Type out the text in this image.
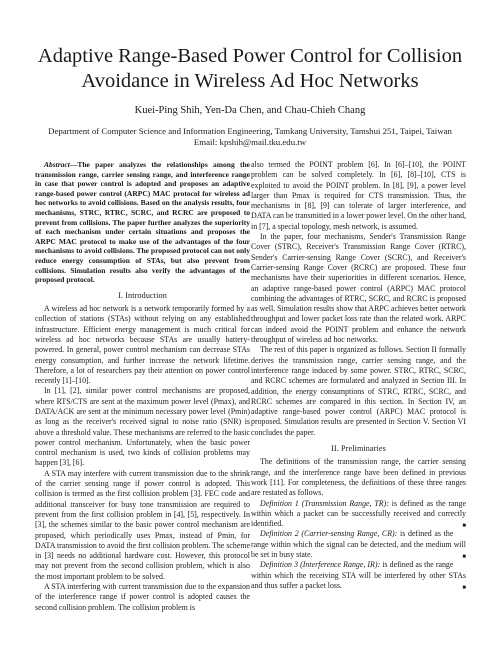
Adaptive Range-Based Power Control for Collision Avoidance in Wireless Ad Hoc Networks

Kuei-Ping Shih, Yen-Da Chen, and Chau-Chieh Chang

Department of Computer Science and Information Engineering, Tamkang University, Tamshui 251, Taipei, Taiwan
Email: kpshih@mail.tku.edu.tw

Abstract—The paper analyzes the relationships among the transmission range, carrier sensing range, and interference range in case that power control is adopted and proposes an adaptive range-based power control (ARPC) MAC protocol for wireless ad hoc networks to avoid collisions. Based on the analysis results, four mechanisms, STRC, RTRC, SCRC, and RCRC are proposed to prevent from collisions. The paper further analyzes the superiority of each mechanism under certain situations and proposes the ARPC MAC protocol to make use of the advantages of the four mechanisms to avoid collisions. The proposed protocol can not only reduce energy consumption of STAs, but also prevent from collisions. Simulation results also verify the advantages of the proposed protocol.

I. Introduction

A wireless ad hoc network is a network temporarily formed by a collection of stations (STAs) without relying on any established infrastructure. Efficient energy management is much critical for wireless ad hoc networks because STAs are usually battery-powered. In general, power control mechanism can decrease STAs energy consumption, and further increase the network lifetime. Therefore, a lot of researchers pay their attention on power control recently [1]–[10].

In [1], [2], similar power control mechanisms are proposed, where RTS/CTS are sent at the maximum power level (Pmax), and DATA/ACK are sent at the minimum necessary power level (Pmin) as long as the receiver's received signal to noise ratio (SNR) is above a threshold value. These mechanisms are referred to the basic power control mechanism. Unfortunately, when the basic power control mechanism is used, two kinds of collision problems may happen [3], [6].

A STA may interfere with current transmission due to the shrink of the carrier sensing range if power control is adopted. This collision is termed as the first collision problem [3]. FEC code and additional transceiver for busy tone transmission are required to prevent from the first collision problem in [4], [5], respectively. In [3], the schemes similar to the basic power control mechanism are proposed, which periodically uses Pmax, instead of Pmin, for DATA transmission to avoid the first collision problem. The scheme in [3] needs no additional hardware cost. However, this protocol may not prevent from the second collision problem, which is also the most important problem to be solved.

A STA interfering with current transmission due to the expansion of the interference range if power control is adopted causes the second collision problem. The collision problem is

also termed the POINT problem [6]. In [6]–[10], the POINT problem can be solved completely. In [6], [8]–[10], CTS is exploited to avoid the POINT problem. In [8], [9], a power level larger than Pmax is required for CTS transmission. Thus, the mechanisms in [8], [9] can tolerate of larger interference, and DATA can be transmitted in a lower power level. On the other hand, in [7], a special topology, mesh network, is assumed.

In the paper, four mechanisms, Sender's Transmission Range Cover (STRC), Receiver's Transmission Range Cover (RTRC), Sender's Carrier-sensing Range Cover (SCRC), and Receiver's Carrier-sensing Range Cover (RCRC) are proposed. These four mechanisms have their superiorities in different scenarios. Hence, an adaptive range-based power control (ARPC) MAC protocol combining the advantages of RTRC, SCRC, and RCRC is proposed as well. Simulation results show that ARPC achieves better network throughput and lower packet loss rate than the related work. ARPC can indeed avoid the POINT problem and enhance the network throughput of wireless ad hoc networks.

The rest of this paper is organized as follows. Section II formally derives the transmission range, carrier sensing range, and the interference range induced by some power. STRC, RTRC, SCRC, and RCRC schemes are formulated and analyzed in Section III. In addition, the energy consumptions of STRC, RTRC, SCRC, and RCRC schemes are compared in this section. In Section IV, an adaptive range-based power control (ARPC) MAC protocol is proposed. Simulation results are presented in Section V. Section VI concludes the paper.

II. Preliminaries

The definitions of the transmission range, the carrier sensing range, and the interference range have been defined in previous work [11]. For completeness, the definitions of these three ranges are restated as follows.

Definition 1 (Transmission Range, TR): is defined as the range within which a packet can be successfully received and correctly identified.	■

Definition 2 (Carrier-sensing Range, CR): is defined as the range within which the signal can be detected, and the medium will be set in busy state.	■

Definition 3 (Interference Range, IR): is defined as the range within which the receiving STA will be interfered by other STAs and thus suffer a packet loss.	■
